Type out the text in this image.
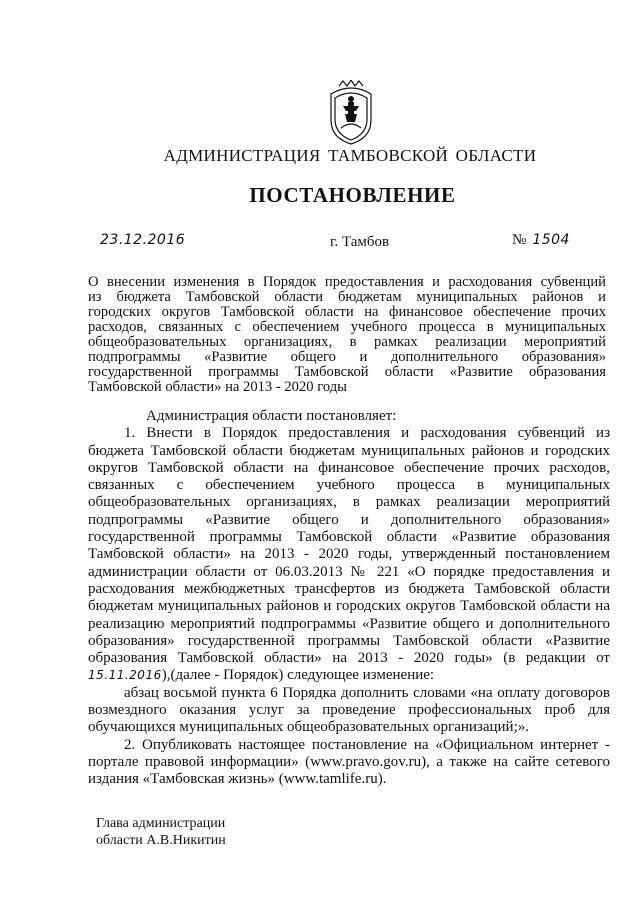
АДМИНИСТРАЦИЯ ТАМБОВСКОЙ ОБЛАСТИ
ПОСТАНОВЛЕНИЕ
23.12.2016	г. Тамбов	№ 1504
О внесении изменения в Порядок предоставления и расходования субвенций
из бюджета Тамбовской области бюджетам муниципальных районов и
городских округов Тамбовской области на финансовое обеспечение прочих
расходов, связанных с обеспечением учебного процесса в муниципальных
общеобразовательных организациях, в рамках реализации мероприятий
подпрограммы «Развитие общего и дополнительного образования»
государственной программы Тамбовской области «Развитие образования
Тамбовской области» на 2013 - 2020 годы

Администрация области постановляет:

1. Внести в Порядок предоставления и расходования субвенций из бюджета Тамбовской области бюджетам муниципальных районов и городских округов Тамбовской области на финансовое обеспечение прочих расходов, связанных с обеспечением учебного процесса в муниципальных общеобразовательных организациях, в рамках реализации мероприятий подпрограммы «Развитие общего и дополнительного образования» государственной программы Тамбовской области «Развитие образования Тамбовской области» на 2013 - 2020 годы, утвержденный постановлением администрации области от 06.03.2013 № 221 «О порядке предоставления и расходования межбюджетных трансфертов из бюджета Тамбовской области бюджетам муниципальных районов и городских округов Тамбовской области на реализацию мероприятий подпрограммы «Развитие общего и дополнительного образования» государственной программы Тамбовской области «Развитие образования Тамбовской области» на 2013 - 2020 годы» (в редакции от 15.11.2016),(далее - Порядок) следующее изменение:

абзац восьмой пункта 6 Порядка дополнить словами «на оплату договоров возмездного оказания услуг за проведение профессиональных проб для обучающихся муниципальных общеобразовательных организаций;».

2. Опубликовать настоящее постановление на «Официальном интернет - портале правовой информации» (www.pravo.gov.ru), а также на сайте сетевого издания «Тамбовская жизнь» (www.tamlife.ru).

Глава администрации
области А.В.Никитин
